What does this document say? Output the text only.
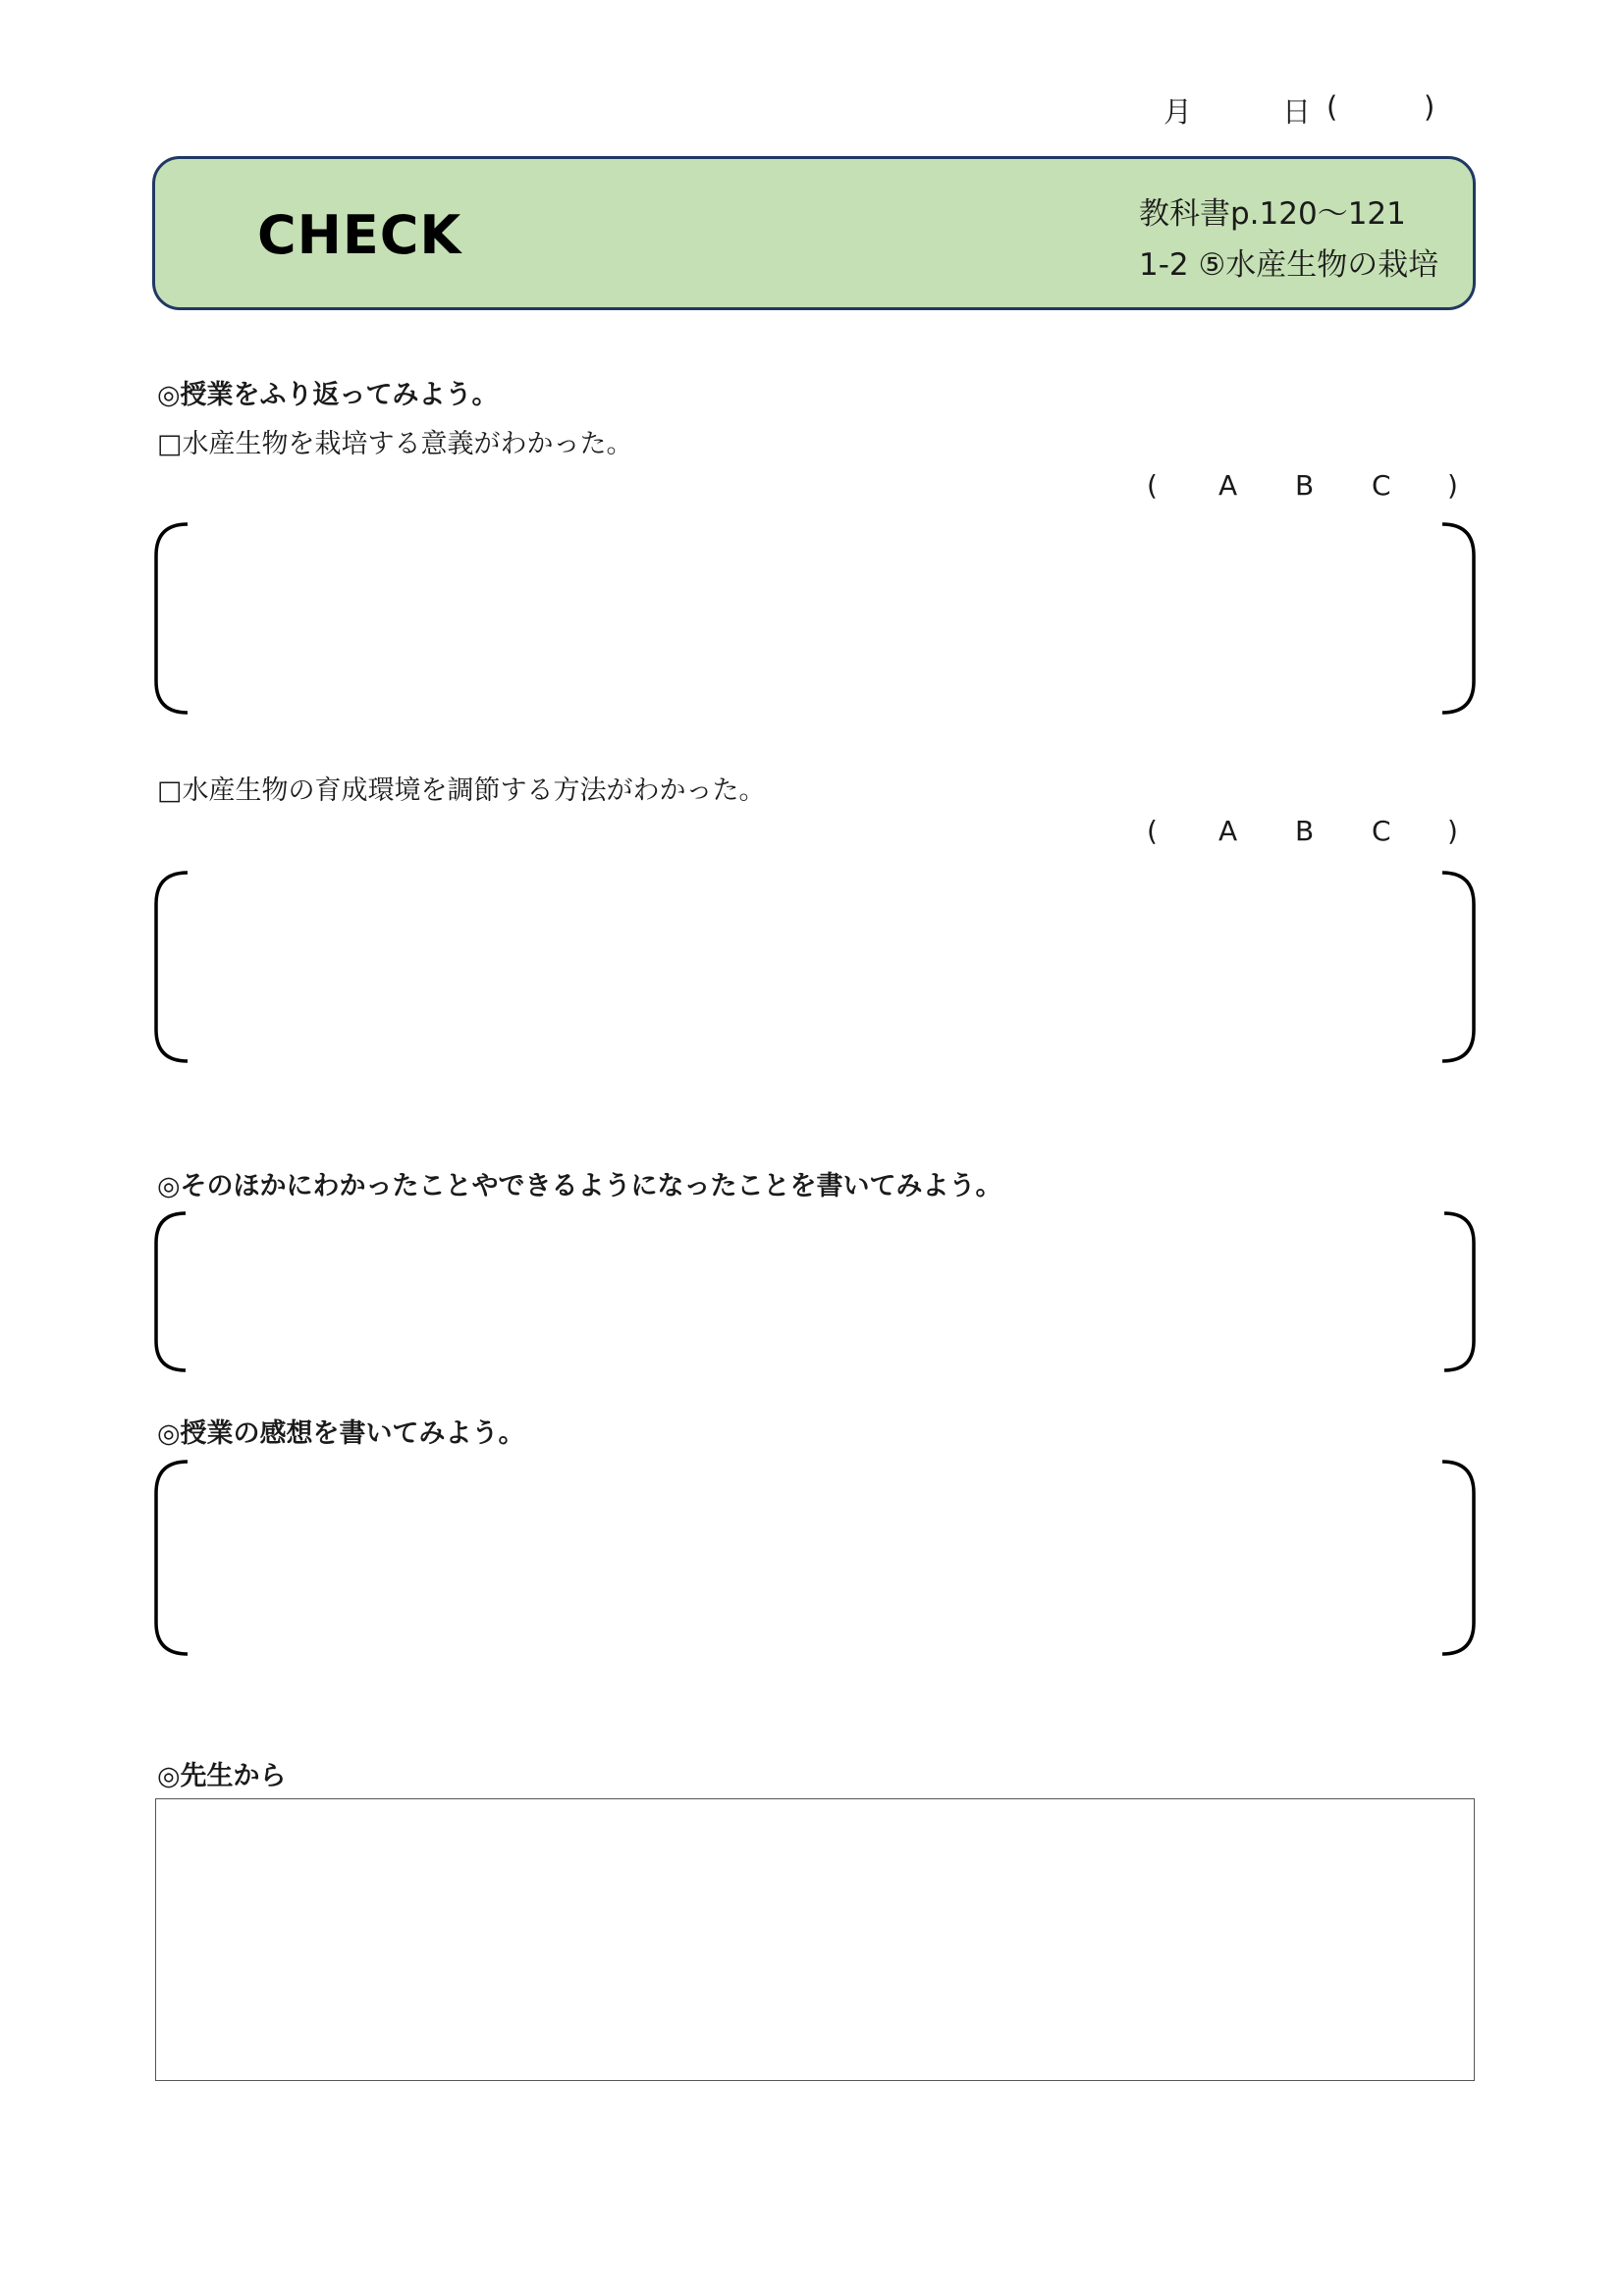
月	日 (	)
CHECK	教科書p.120～121
1-2 ⑤水産生物の栽培
◎授業をふり返ってみよう。
□水産生物を栽培する意義がわかった。
( A B C )
□水産生物の育成環境を調節する方法がわかった。
( A B C )
◎そのほかにわかったことやできるようになったことを書いてみよう。
◎授業の感想を書いてみよう。
◎先生から
